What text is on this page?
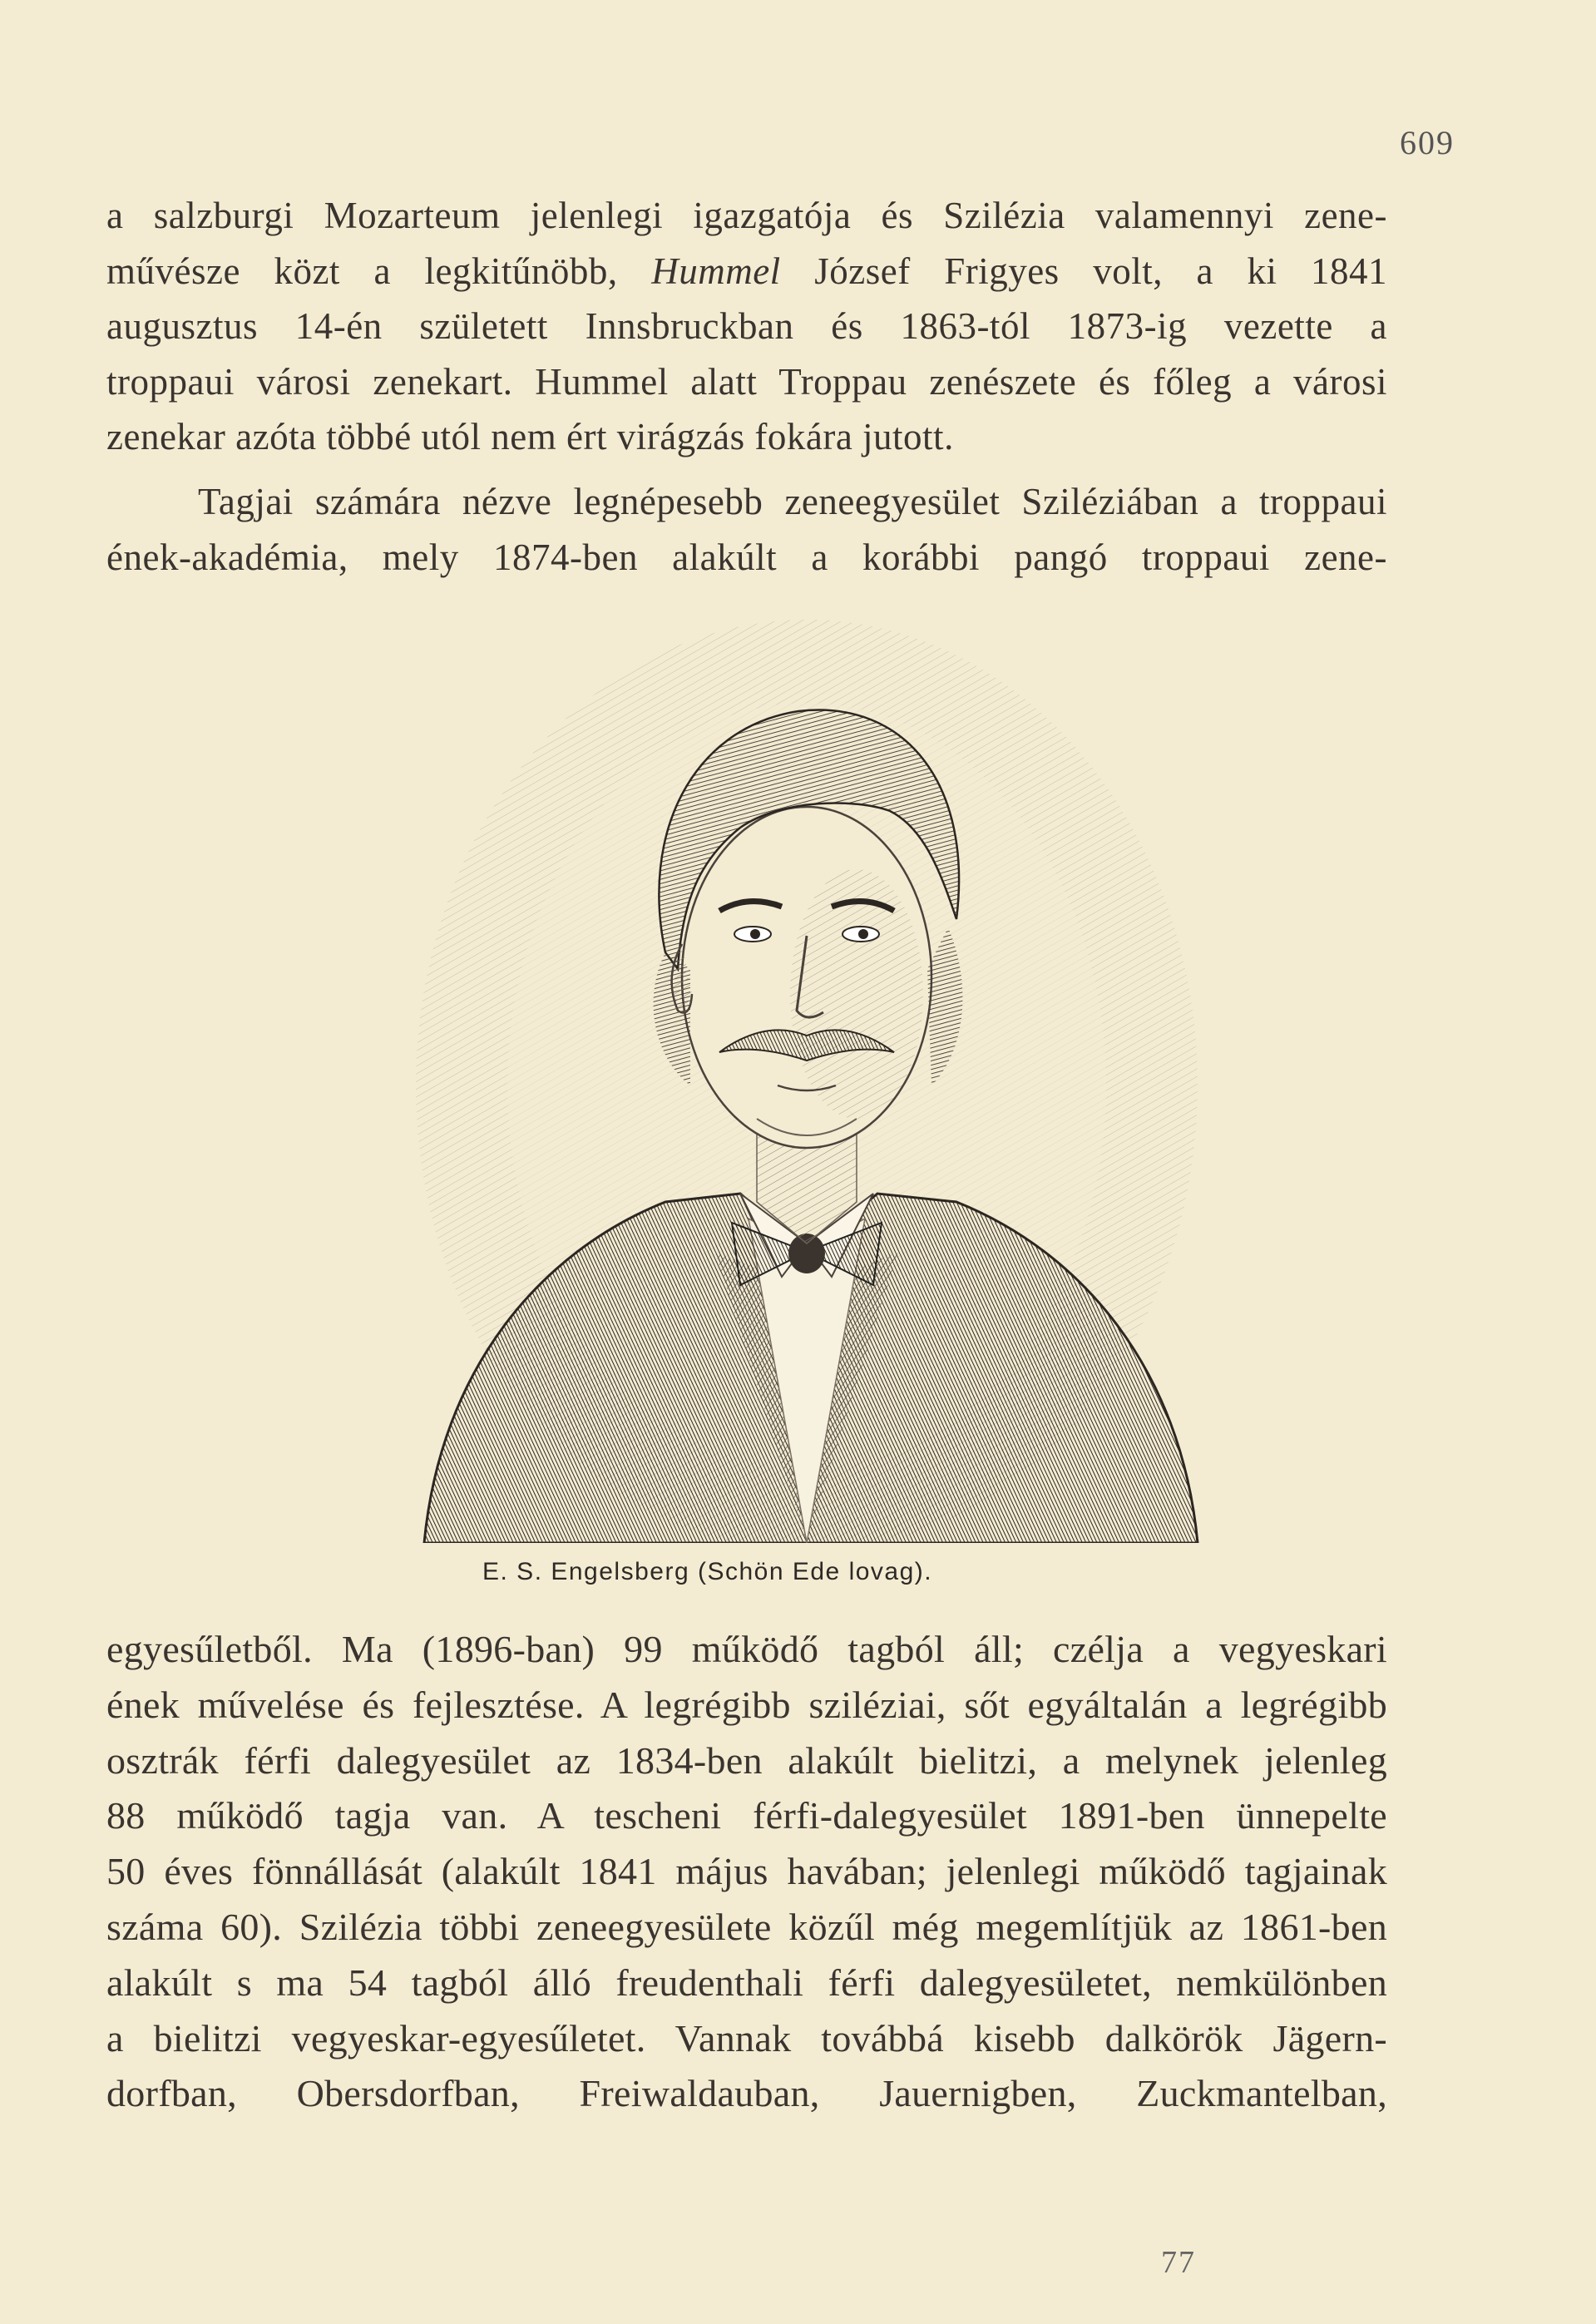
609
a salzburgi Mozarteum jelenlegi igazgatója és Szilézia valamennyi zene-
művésze közt a legkitűnöbb, Hummel József Frigyes volt, a ki 1841
augusztus 14-én született Innsbruckban és 1863-tól 1873-ig vezette a
troppaui városi zenekart. Hummel alatt Troppau zenészete és főleg a városi
zenekar azóta többé utól nem ért virágzás fokára jutott.
Tagjai számára nézve legnépesebb zeneegyesület Sziléziában a troppaui
ének-akadémia, mely 1874-ben alakúlt a korábbi pangó troppaui zene-
E. S. Engelsberg (Schön Ede lovag).
egyesűletből. Ma (1896-ban) 99 működő tagból áll; czélja a vegyeskari
ének művelése és fejlesztése. A legrégibb sziléziai, sőt egyáltalán a legrégibb
osztrák férfi dalegyesület az 1834-ben alakúlt bielitzi, a melynek jelenleg
88 működő tagja van. A tescheni férfi-dalegyesület 1891-ben ünnepelte
50 éves fönnállását (alakúlt 1841 május havában; jelenlegi működő tagjainak
száma 60). Szilézia többi zeneegyesülete közűl még megemlítjük az 1861-ben
alakúlt s ma 54 tagból álló freudenthali férfi dalegyesületet, nemkülönben
a bielitzi vegyeskar-egyesűletet. Vannak továbbá kisebb dalkörök Jägern-
dorfban, Obersdorfban, Freiwaldauban, Jauernigben, Zuckmantelban,
77
